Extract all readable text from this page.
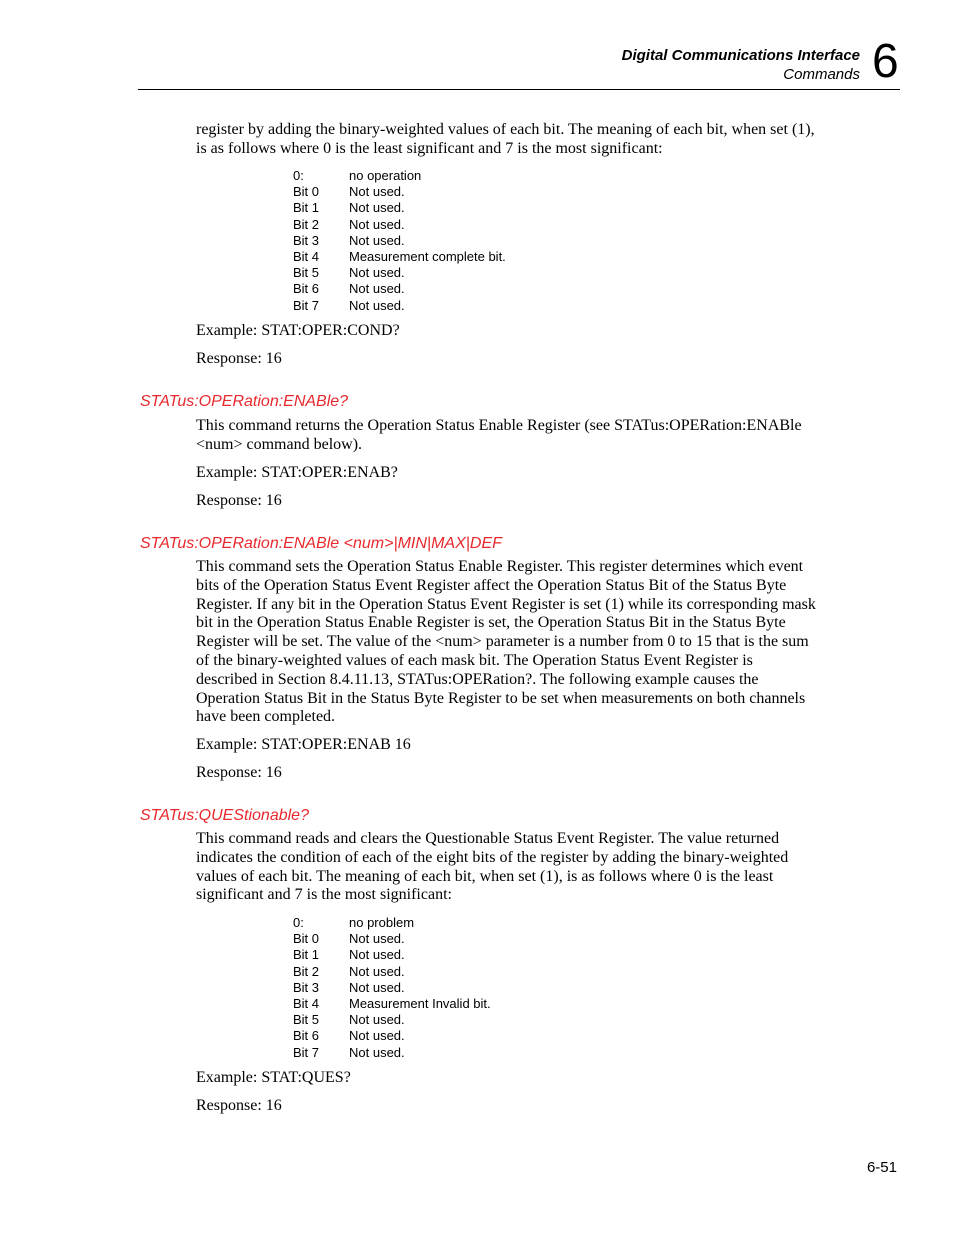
Digital Communications Interface
Commands 6

register by adding the binary-weighted values of each bit. The meaning of each bit, when set (1), is as follows where 0 is the least significant and 7 is the most significant:

0:	no operation
Bit 0	Not used.
Bit 1	Not used.
Bit 2	Not used.
Bit 3	Not used.
Bit 4	Measurement complete bit.
Bit 5	Not used.
Bit 6	Not used.
Bit 7	Not used.
Example: STAT:OPER:COND?
Response: 16
STATus:OPERation:ENABle?

This command returns the Operation Status Enable Register (see STATus:OPERation:ENABle <num> command below).

Example: STAT:OPER:ENAB?
Response: 16
STATus:OPERation:ENABle <num>|MIN|MAX|DEF

This command sets the Operation Status Enable Register. This register determines which event bits of the Operation Status Event Register affect the Operation Status Bit of the Status Byte Register. If any bit in the Operation Status Event Register is set (1) while its corresponding mask bit in the Operation Status Enable Register is set, the Operation Status Bit in the Status Byte Register will be set. The value of the <num> parameter is a number from 0 to 15 that is the sum of the binary-weighted values of each mask bit. The Operation Status Event Register is described in Section 8.4.11.13, STATus:OPERation?. The following example causes the Operation Status Bit in the Status Byte Register to be set when measurements on both channels have been completed.

Example: STAT:OPER:ENAB 16
Response: 16
STATus:QUEStionable?

This command reads and clears the Questionable Status Event Register. The value returned indicates the condition of each of the eight bits of the register by adding the binary-weighted values of each bit. The meaning of each bit, when set (1), is as follows where 0 is the least significant and 7 is the most significant:

0:	no problem
Bit 0	Not used.
Bit 1	Not used.
Bit 2	Not used.
Bit 3	Not used.
Bit 4	Measurement Invalid bit.
Bit 5	Not used.
Bit 6	Not used.
Bit 7	Not used.
Example: STAT:QUES?
Response: 16
6-51
